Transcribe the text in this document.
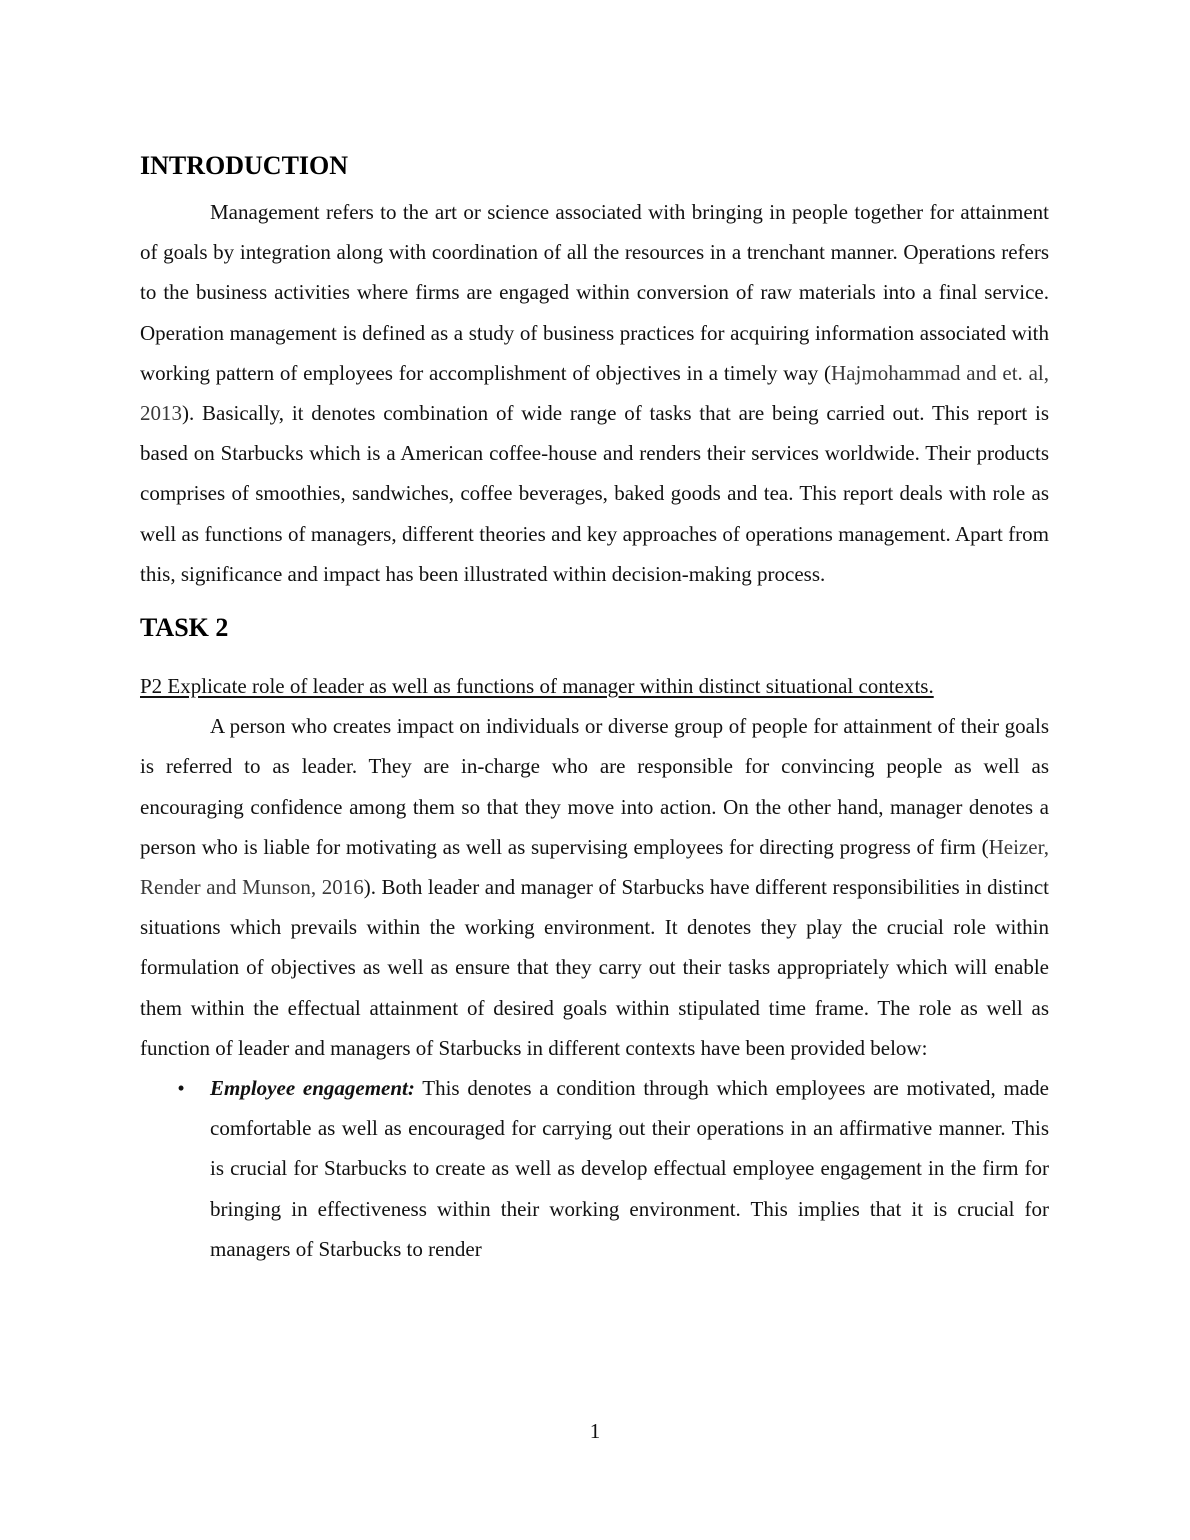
INTRODUCTION

Management refers to the art or science associated with bringing in people together for attainment of goals by integration along with coordination of all the resources in a trenchant manner. Operations refers to the business activities where firms are engaged within conversion of raw materials into a final service. Operation management is defined as a study of business practices for acquiring information associated with working pattern of employees for accomplishment of objectives in a timely way (Hajmohammad and et. al, 2013). Basically, it denotes combination of wide range of tasks that are being carried out. This report is based on Starbucks which is a American coffee-house and renders their services worldwide. Their products comprises of smoothies, sandwiches, coffee beverages, baked goods and tea. This report deals with role as well as functions of managers, different theories and key approaches of operations management. Apart from this, significance and impact has been illustrated within decision-making process.

TASK 2

P2 Explicate role of leader as well as functions of manager within distinct situational contexts.

A person who creates impact on individuals or diverse group of people for attainment of their goals is referred to as leader. They are in-charge who are responsible for convincing people as well as encouraging confidence among them so that they move into action. On the other hand, manager denotes a person who is liable for motivating as well as supervising employees for directing progress of firm (Heizer, Render and Munson, 2016). Both leader and manager of Starbucks have different responsibilities in distinct situations which prevails within the working environment. It denotes they play the crucial role within formulation of objectives as well as ensure that they carry out their tasks appropriately which will enable them within the effectual attainment of desired goals within stipulated time frame. The role as well as function of leader and managers of Starbucks in different contexts have been provided below:

• Employee engagement: This denotes a condition through which employees are motivated, made comfortable as well as encouraged for carrying out their operations in an affirmative manner. This is crucial for Starbucks to create as well as develop effectual employee engagement in the firm for bringing in effectiveness within their working environment. This implies that it is crucial for managers of Starbucks to render
1
